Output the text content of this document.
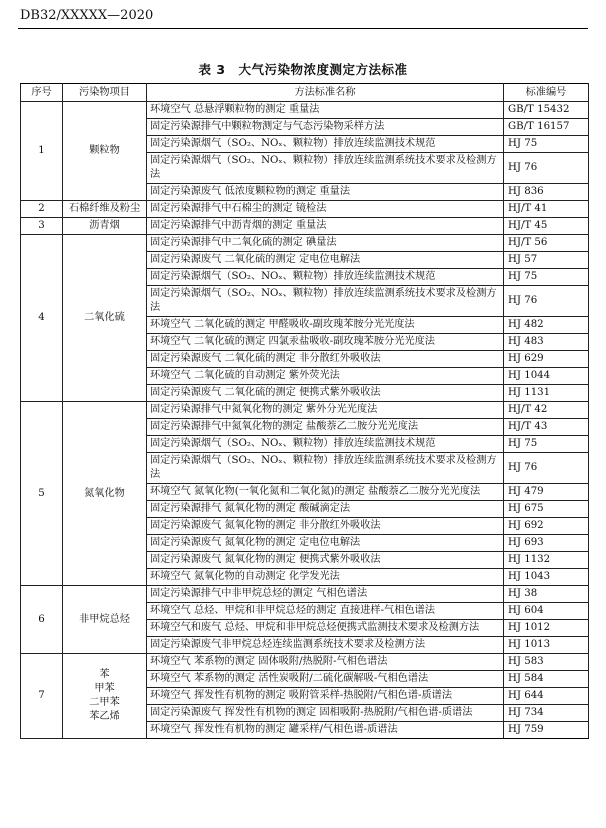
DB32/XXXXX—2020
表 3　大气污染物浓度测定方法标准
序号	污染物项目	方法标准名称	标准编号
1	颗粒物	环境空气 总悬浮颗粒物的测定 重量法	GB/T 15432
		固定污染源排气中颗粒物测定与气态污染物采样方法	GB/T 16157
		固定污染源烟气（SO₂、NOₓ、颗粒物）排放连续监测技术规范	HJ 75
		固定污染源烟气（SO₂、NOₓ、颗粒物）排放连续监测系统技术要求及检测方法	HJ 76
		固定污染源废气 低浓度颗粒物的测定 重量法	HJ 836
2	石棉纤维及粉尘	固定污染源排气中石棉尘的测定 镜检法	HJ/T 41
3	沥青烟	固定污染源排气中沥青烟的测定 重量法	HJ/T 45
4	二氧化硫	固定污染源排气中二氧化硫的测定 碘量法	HJ/T 56
		固定污染源废气 二氧化硫的测定 定电位电解法	HJ 57
		固定污染源烟气（SO₂、NOₓ、颗粒物）排放连续监测技术规范	HJ 75
		固定污染源烟气（SO₂、NOₓ、颗粒物）排放连续监测系统技术要求及检测方法	HJ 76
		环境空气 二氧化硫的测定 甲醛吸收-副玫瑰苯胺分光光度法	HJ 482
		环境空气 二氧化硫的测定 四氯汞盐吸收-副玫瑰苯胺分光光度法	HJ 483
		固定污染源废气 二氧化硫的测定 非分散红外吸收法	HJ 629
		环境空气 二氧化硫的自动测定 紫外荧光法	HJ 1044
		固定污染源废气 二氧化硫的测定 便携式紫外吸收法	HJ 1131
5	氮氧化物	固定污染源排气中氮氧化物的测定 紫外分光光度法	HJ/T 42
		固定污染源排气中氮氧化物的测定 盐酸萘乙二胺分光光度法	HJ/T 43
		固定污染源烟气（SO₂、NOₓ、颗粒物）排放连续监测技术规范	HJ 75
		固定污染源烟气（SO₂、NOₓ、颗粒物）排放连续监测系统技术要求及检测方法	HJ 76
		环境空气 氮氧化物(一氧化氮和二氧化氮)的测定 盐酸萘乙二胺分光光度法	HJ 479
		固定污染源排气 氮氧化物的测定 酸碱滴定法	HJ 675
		固定污染源废气 氮氧化物的测定 非分散红外吸收法	HJ 692
		固定污染源废气 氮氧化物的测定 定电位电解法	HJ 693
		固定污染源废气 氮氧化物的测定 便携式紫外吸收法	HJ 1132
		环境空气 氮氧化物的自动测定 化学发光法	HJ 1043
6	非甲烷总烃	固定污染源排气中非甲烷总烃的测定 气相色谱法	HJ 38
		环境空气 总烃、甲烷和非甲烷总烃的测定 直接进样-气相色谱法	HJ 604
		环境空气和废气 总烃、甲烷和非甲烷总烃便携式监测技术要求及检测方法	HJ 1012
		固定污染源废气非甲烷总烃连续监测系统技术要求及检测方法	HJ 1013
7	苯
甲苯
二甲苯
苯乙烯	环境空气 苯系物的测定 固体吸附/热脱附-气相色谱法	HJ 583
		环境空气 苯系物的测定 活性炭吸附/二硫化碳解吸-气相色谱法	HJ 584
		环境空气 挥发性有机物的测定 吸附管采样-热脱附/气相色谱-质谱法	HJ 644
		固定污染源废气 挥发性有机物的测定 固相吸附-热脱附/气相色谱-质谱法	HJ 734
		环境空气 挥发性有机物的测定 罐采样/气相色谱-质谱法	HJ 759
